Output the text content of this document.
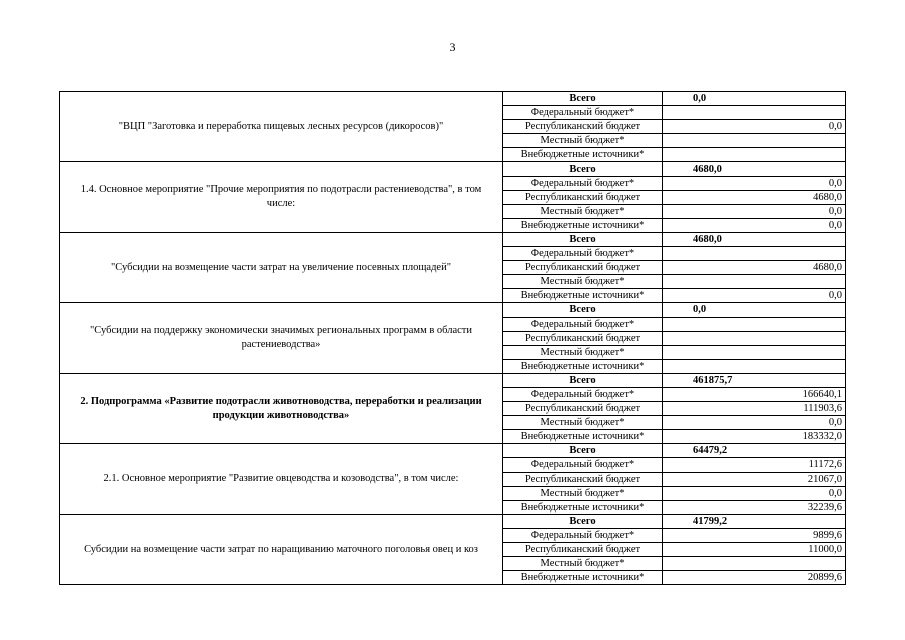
3
"ВЦП "Заготовка и переработка пищевых лесных ресурсов (дикоросов)"	Всего	0,0
	Федеральный бюджет*	
	Республиканский бюджет	0,0
	Местный бюджет*	
	Внебюджетные источники*	
1.4. Основное мероприятие "Прочие мероприятия по подотрасли растениеводства", в том числе:	Всего	4680,0
	Федеральный бюджет*	0,0
	Республиканский бюджет	4680,0
	Местный бюджет*	0,0
	Внебюджетные источники*	0,0
"Субсидии на возмещение части затрат на увеличение посевных площадей"	Всего	4680,0
	Федеральный бюджет*	
	Республиканский бюджет	4680,0
	Местный бюджет*	
	Внебюджетные источники*	0,0
"Субсидии на поддержку экономически значимых региональных программ в области растениеводства»	Всего	0,0
	Федеральный бюджет*	
	Республиканский бюджет	
	Местный бюджет*	
	Внебюджетные источники*	
2. Подпрограмма «Развитие подотрасли животноводства, переработки и реализации продукции животноводства»	Всего	461875,7
	Федеральный бюджет*	166640,1
	Республиканский бюджет	111903,6
	Местный бюджет*	0,0
	Внебюджетные источники*	183332,0
2.1. Основное мероприятие "Развитие овцеводства и козоводства", в том числе:	Всего	64479,2
	Федеральный бюджет*	11172,6
	Республиканский бюджет	21067,0
	Местный бюджет*	0,0
	Внебюджетные источники*	32239,6
Субсидии на возмещение части затрат по наращиванию маточного поголовья овец и коз	Всего	41799,2
	Федеральный бюджет*	9899,6
	Республиканский бюджет	11000,0
	Местный бюджет*	
	Внебюджетные источники*	20899,6
